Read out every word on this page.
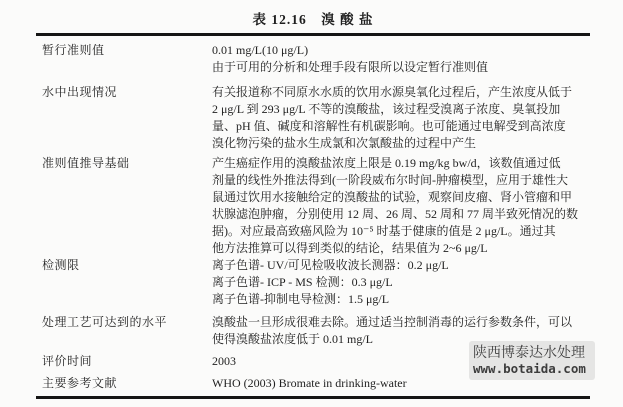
表 12.16　溴 酸 盐
暂行准则值	0.01 mg/L(10 μg/L)
由于可用的分析和处理手段有限所以设定暂行准则值
水中出现情况	有关报道称不同原水水质的饮用水源臭氧化过程后，产生浓度从低于
2 μg/L 到 293 μg/L 不等的溴酸盐，该过程受溴离子浓度、臭氧投加
量、pH 值、碱度和溶解性有机碳影响。也可能通过电解受到高浓度
溴化物污染的盐水生成氯和次氯酸盐的过程中产生
准则值推导基础	产生癌症作用的溴酸盐浓度上限是 0.19 mg/kg bw/d，该数值通过低
剂量的线性外推法得到(一阶段威布尔时间-肿瘤模型，应用于雄性大
鼠通过饮用水接触给定的溴酸盐的试验，观察间皮瘤、肾小管瘤和甲
状腺滤泡肿瘤，分别使用 12 周、26 周、52 周和 77 周半致死情况的数
据)。对应最高致癌风险为 10⁻⁵ 时基于健康的值是 2 μg/L。通过其
他方法推算可以得到类似的结论，结果值为 2~6 μg/L
检测限	离子色谱- UV/可见检吸收波长测器：0.2 μg/L
离子色谱- ICP - MS 检测：0.3 μg/L
离子色谱-抑制电导检测：1.5 μg/L
处理工艺可达到的水平	溴酸盐一旦形成很难去除。通过适当控制消毒的运行参数条件，可以
使得溴酸盐浓度低于 0.01 mg/L
评价时间	2003
主要参考文献	WHO (2003) Bromate in drinking-water
陕西博泰达水处理
www.botaida.com
